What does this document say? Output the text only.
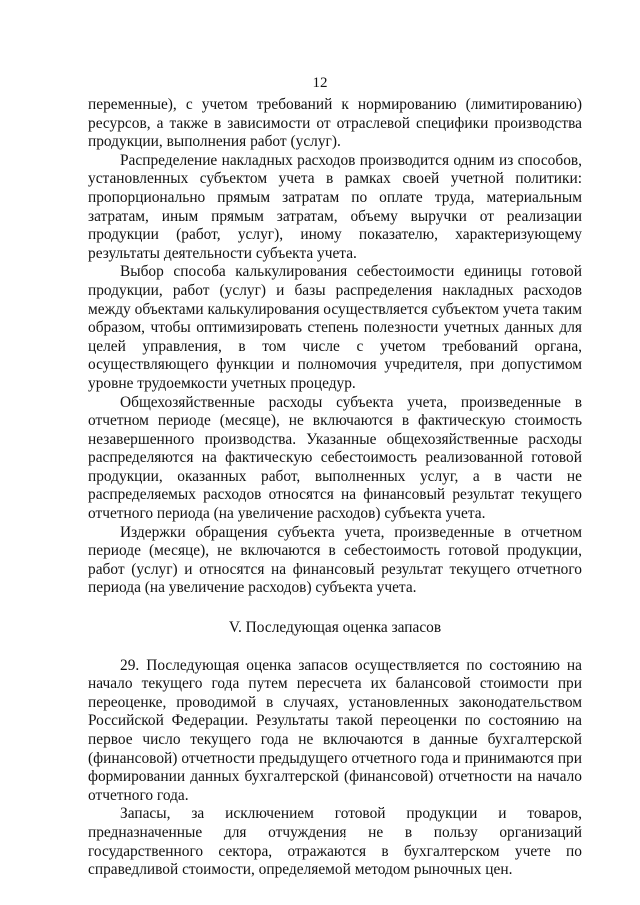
12

переменные), с учетом требований к нормированию (лимитированию) ресурсов, а также в зависимости от отраслевой специфики производства продукции, выполнения работ (услуг).

Распределение накладных расходов производится одним из способов, установленных субъектом учета в рамках своей учетной политики: пропорционально прямым затратам по оплате труда, материальным затратам, иным прямым затратам, объему выручки от реализации продукции (работ, услуг), иному показателю, характеризующему результаты деятельности субъекта учета.

Выбор способа калькулирования себестоимости единицы готовой продукции, работ (услуг) и базы распределения накладных расходов между объектами калькулирования осуществляется субъектом учета таким образом, чтобы оптимизировать степень полезности учетных данных для целей управления, в том числе с учетом требований органа, осуществляющего функции и полномочия учредителя, при допустимом уровне трудоемкости учетных процедур.

Общехозяйственные расходы субъекта учета, произведенные в отчетном периоде (месяце), не включаются в фактическую стоимость незавершенного производства. Указанные общехозяйственные расходы распределяются на фактическую себестоимость реализованной готовой продукции, оказанных работ, выполненных услуг, а в части не распределяемых расходов относятся на финансовый результат текущего отчетного периода (на увеличение расходов) субъекта учета.

Издержки обращения субъекта учета, произведенные в отчетном периоде (месяце), не включаются в себестоимость готовой продукции, работ (услуг) и относятся на финансовый результат текущего отчетного периода (на увеличение расходов) субъекта учета.

V. Последующая оценка запасов

29. Последующая оценка запасов осуществляется по состоянию на начало текущего года путем пересчета их балансовой стоимости при переоценке, проводимой в случаях, установленных законодательством Российской Федерации. Результаты такой переоценки по состоянию на первое число текущего года не включаются в данные бухгалтерской (финансовой) отчетности предыдущего отчетного года и принимаются при формировании данных бухгалтерской (финансовой) отчетности на начало отчетного года.

Запасы, за исключением готовой продукции и товаров, предназначенные для отчуждения не в пользу организаций государственного сектора, отражаются в бухгалтерском учете по справедливой стоимости, определяемой методом рыночных цен.
